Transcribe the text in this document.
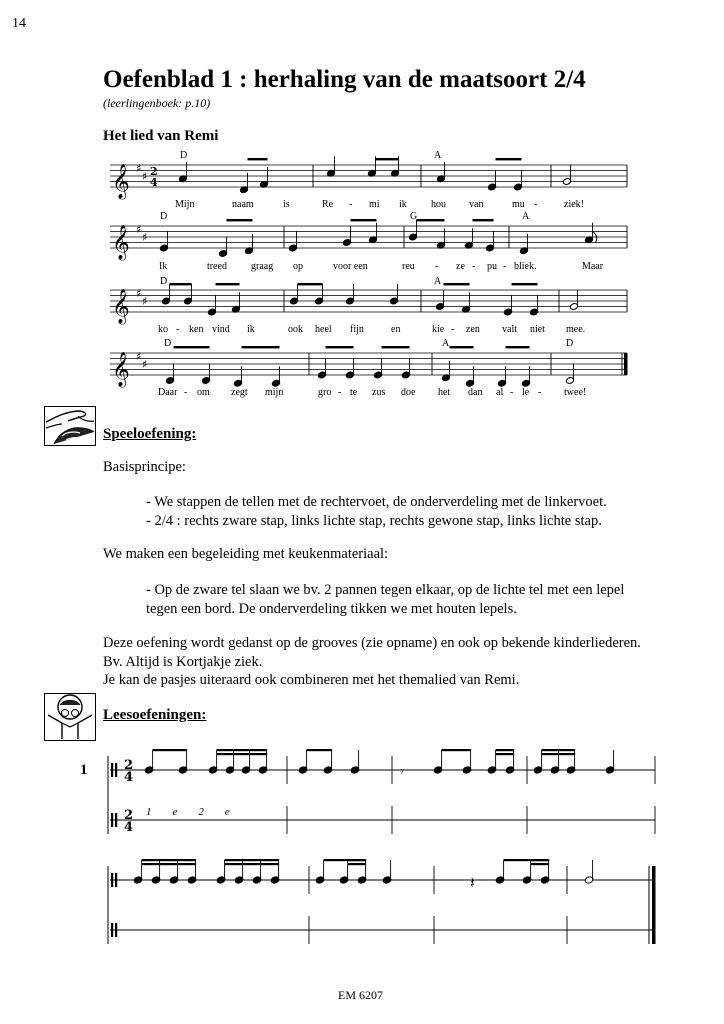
14
Oefenblad 1 : herhaling van de maatsoort 2/4
(leerlingenboek: p.10)
Het lied van Remi
𝄞 ♯
♯ 2
4
𝄞 ♯
♯
𝄞 ♯
♯
𝄞 ♯
♯
2
4
2
4
𝄾
𝄽
D	A
D	G	A
D	A
D	A	D
Mijn	naam	is	Re - mi ik hou van	mu -	ziek!
Ik	treed graag op	voor een	reu - ze - pu - bliek.	Maar
ko - ken vind ik	ook heel fijn	en	kie - zen valt niet mee.
Daar - om zegt mijn	gro - te zus doe het dan al - le - twee!
Speeloefening:
Basisprincipe:
- We stappen de tellen met de rechtervoet, de onderverdeling met de linkervoet.
- 2/4 : rechts zware stap, links lichte stap, rechts gewone stap, links lichte stap.
We maken een begeleiding met keukenmateriaal:
- Op de zware tel slaan we bv. 2 pannen tegen elkaar, op de lichte tel met een lepel
tegen een bord. De onderverdeling tikken we met houten lepels.
Deze oefening wordt gedanst op de grooves (zie opname) en ook op bekende kinderliederen.
Bv. Altijd is Kortjakje ziek.
Je kan de pasjes uiteraard ook combineren met het themalied van Remi.
Leesoefeningen:
1
1    e    2    e
EM 6207
